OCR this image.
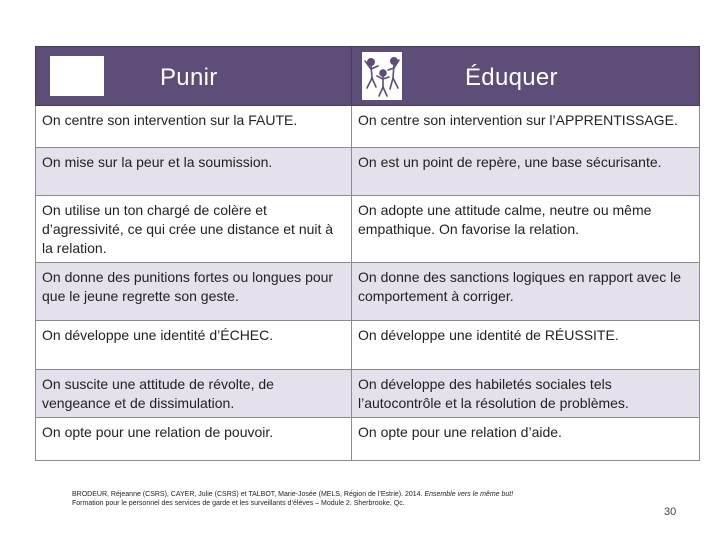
Punir	Éduquer

On centre son intervention sur la FAUTE.	On centre son intervention sur l’APPRENTISSAGE.
On mise sur la peur et la soumission.	On est un point de repère, une base sécurisante.
On utilise un ton chargé de colère et d’agressivité, ce qui crée une distance et nuit à la relation.	On adopte une attitude calme, neutre ou même empathique. On favorise la relation.
On donne des punitions fortes ou longues pour que le jeune regrette son geste.	On donne des sanctions logiques en rapport avec le comportement à corriger.
On développe une identité d’ÉCHEC.	On développe une identité de RÉUSSITE.
On suscite une attitude de révolte, de vengeance et de dissimulation.	On développe des habiletés sociales tels l’autocontrôle et la résolution de problèmes.
On opte pour une relation de pouvoir.	On opte pour une relation d’aide.
BRODEUR, Réjeanne (CSRS), CAYER, Julie (CSRS) et TALBOT, Marie-Josée (MELS, Région de l’Estrie). 2014. Ensemble vers le même but!
Formation pour le personnel des services de garde et les surveillants d’élèves – Module 2. Sherbrooke, Qc.
30
